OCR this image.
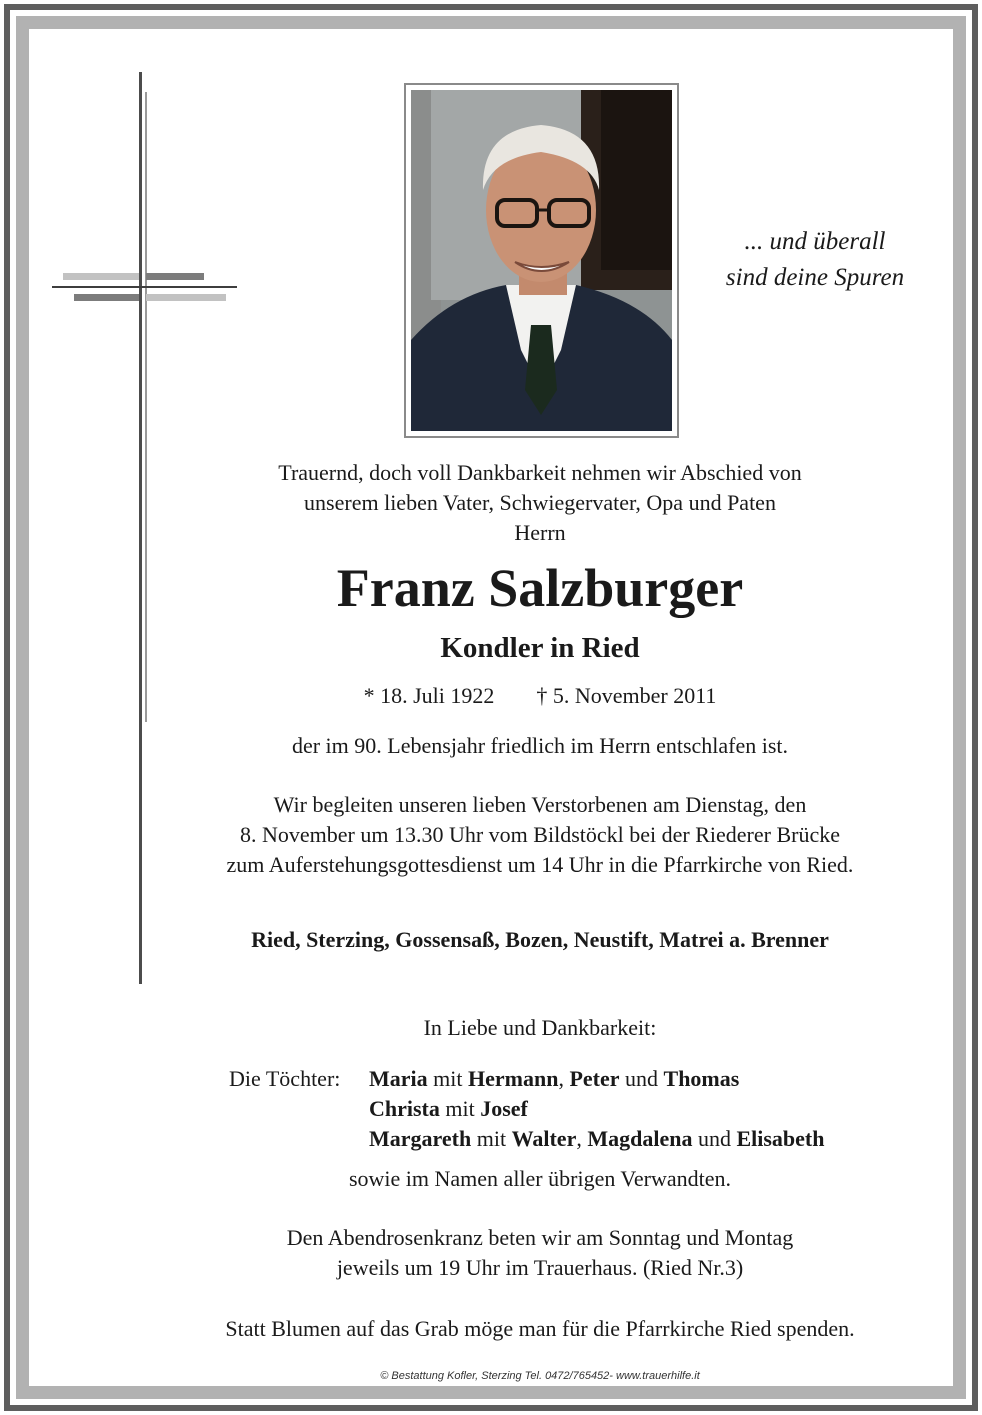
... und überall
sind deine Spuren
Trauernd, doch voll Dankbarkeit nehmen wir Abschied von
unserem lieben Vater, Schwiegervater, Opa und Paten
Herrn
Franz Salzburger
Kondler in Ried
* 18. Juli 1922 † 5. November 2011
der im 90. Lebensjahr friedlich im Herrn entschlafen ist.
Wir begleiten unseren lieben Verstorbenen am Dienstag, den
8. November um 13.30 Uhr vom Bildstöckl bei der Riederer Brücke
zum Auferstehungsgottesdienst um 14 Uhr in die Pfarrkirche von Ried.
Ried, Sterzing, Gossensaß, Bozen, Neustift, Matrei a. Brenner
In Liebe und Dankbarkeit:
Die Töchter: Maria mit Hermann, Peter und Thomas
Christa mit Josef
Margareth mit Walter, Magdalena und Elisabeth
sowie im Namen aller übrigen Verwandten.
Den Abendrosenkranz beten wir am Sonntag und Montag
jeweils um 19 Uhr im Trauerhaus. (Ried Nr.3)
Statt Blumen auf das Grab möge man für die Pfarrkirche Ried spenden.
© Bestattung Kofler, Sterzing Tel. 0472/765452- www.trauerhilfe.it
